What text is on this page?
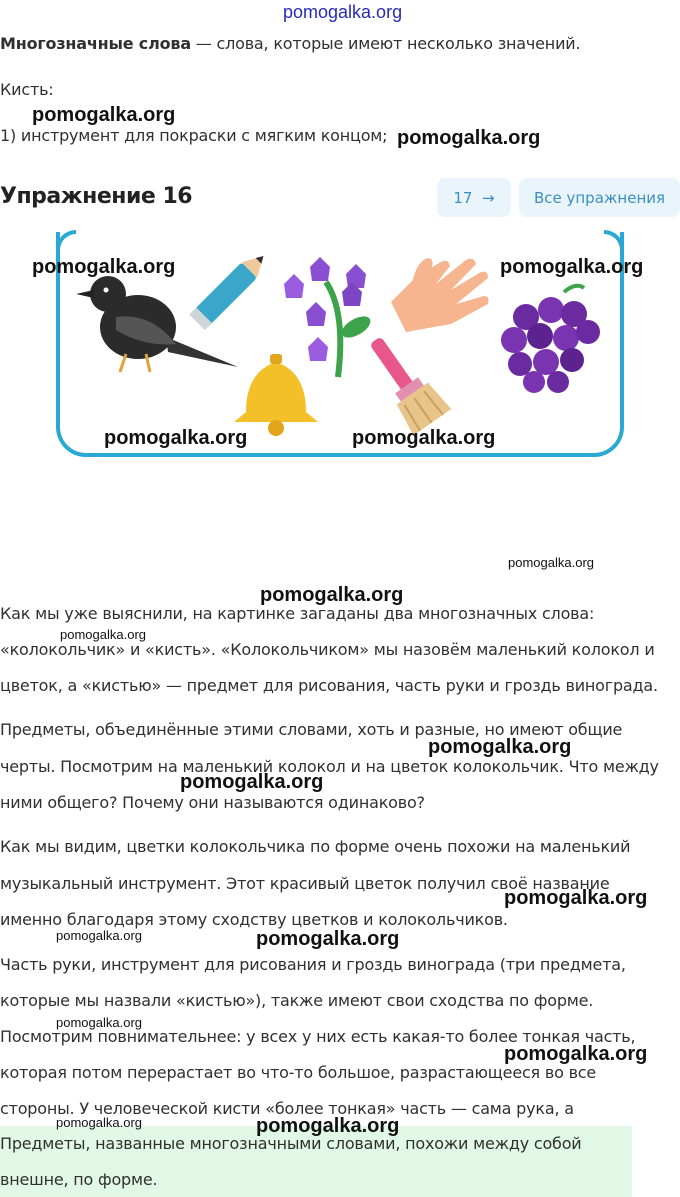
pomogalka.org
Многозначные слова — слова, которые имеют несколько значений.
Кисть:
1) инструмент для покраски с мягким концом;
Упражнение 16	17
→	Все упражнения
Как мы уже выяснили, на картинке загаданы два многозначных слова:
«колокольчик» и «кисть». «Колокольчиком» мы назовём маленький колокол и
цветок, а «кистью» — предмет для рисования, часть руки и гроздь винограда.
Предметы, объединённые этими словами, хоть и разные, но имеют общие
черты. Посмотрим на маленький колокол и на цветок колокольчик. Что между
ними общего? Почему они называются одинаково?
Как мы видим, цветки колокольчика по форме очень похожи на маленький
музыкальный инструмент. Этот красивый цветок получил своё название
именно благодаря этому сходству цветков и колокольчиков.
Часть руки, инструмент для рисования и гроздь винограда (три предмета,
которые мы назвали «кистью»), также имеют свои сходства по форме.
Посмотрим повнимательнее: у всех у них есть какая-то более тонкая часть,
которая потом перерастает во что-то большое, разрастающееся во все
стороны. У человеческой кисти «более тонкая» часть — сама рука, а
Предметы, названные многозначными словами, похожи между собой
внешне, по форме.
pomogalka.org
pomogalka.org
pomogalka.org	pomogalka.org
pomogalka.org	pomogalka.org
pomogalka.org
pomogalka.org
pomogalka.org
pomogalka.org
pomogalka.org
pomogalka.org
pomogalka.org	pomogalka.org
pomogalka.org
pomogalka.org
pomogalka.org	pomogalka.org
